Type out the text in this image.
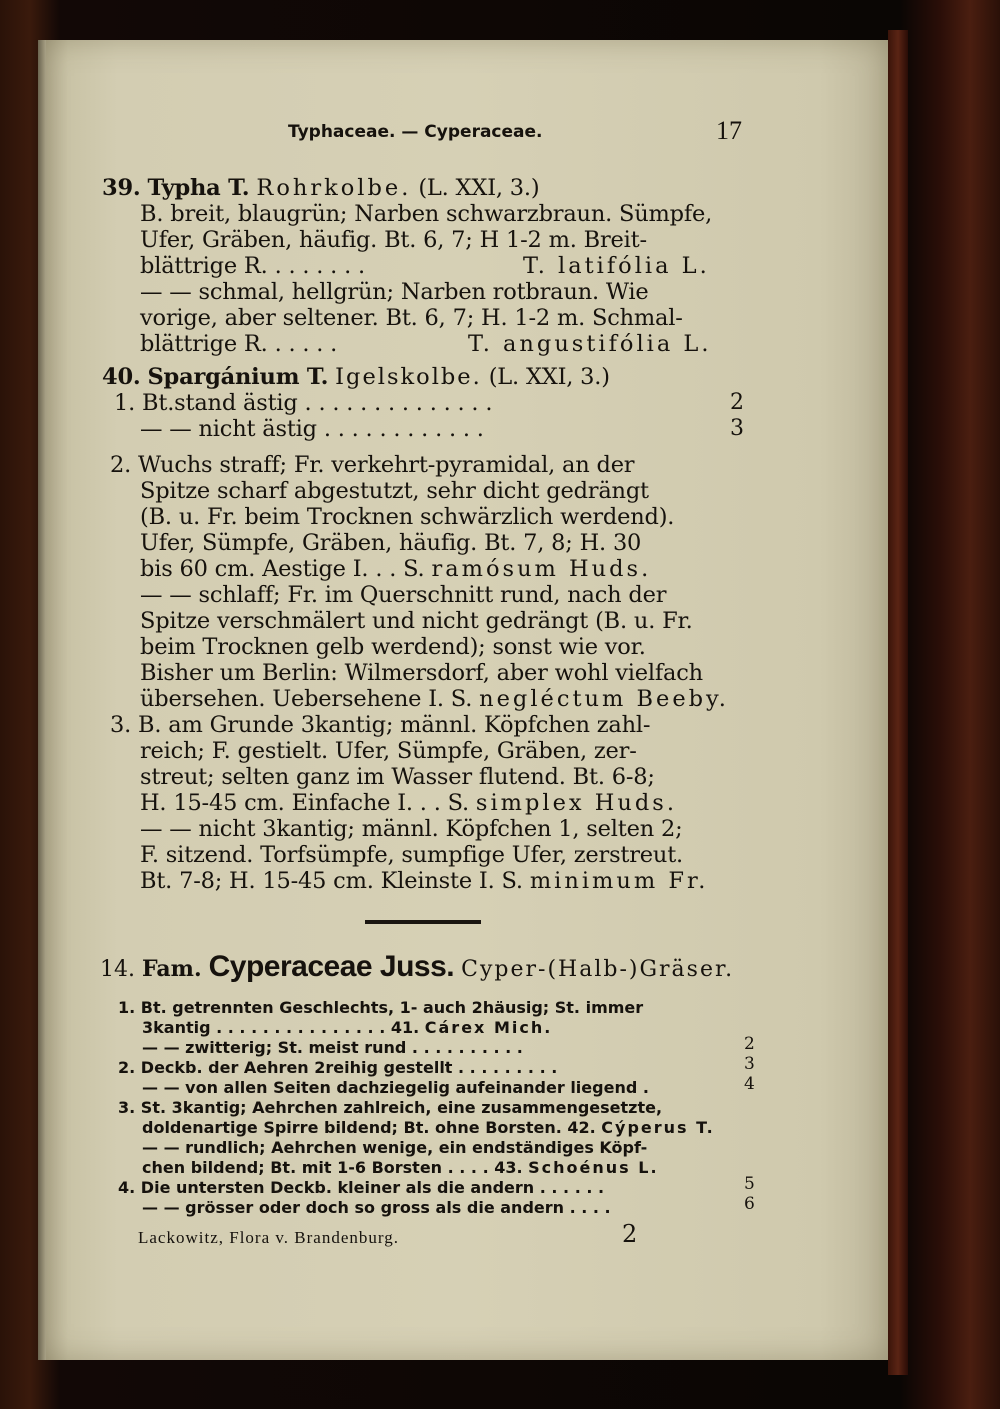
Typhaceae. — Cyperaceae.	17
39. Typha T. Rohrkolbe. (L. XXI, 3.)
B. breit, blaugrün; Narben schwarzbraun. Sümpfe,
Ufer, Gräben, häufig. Bt. 6, 7; H 1-2 m. Breit-
blättrige R. . . . . . . .	T. latifólia L.
— — schmal, hellgrün; Narben rotbraun. Wie
vorige, aber seltener. Bt. 6, 7; H. 1-2 m. Schmal-
blättrige R. . . . . .	T. angustifólia L.
40. Spargánium T. Igelskolbe. (L. XXI, 3.)
1. Bt.stand ästig . . . . . . . . . . . . . .	2
— — nicht ästig . . . . . . . . . . . .	3
2. Wuchs straff; Fr. verkehrt-pyramidal, an der
Spitze scharf abgestutzt, sehr dicht gedrängt
(B. u. Fr. beim Trocknen schwärzlich werdend).
Ufer, Sümpfe, Gräben, häufig. Bt. 7, 8; H. 30
bis 60 cm. Aestige I. . . S. ramósum Huds.
— — schlaff; Fr. im Querschnitt rund, nach der
Spitze verschmälert und nicht gedrängt (B. u. Fr.
beim Trocknen gelb werdend); sonst wie vor.
Bisher um Berlin: Wilmersdorf, aber wohl vielfach
übersehen. Uebersehene I. S. negléctum Beeby.
3. B. am Grunde 3kantig; männl. Köpfchen zahl-
reich; F. gestielt. Ufer, Sümpfe, Gräben, zer-
streut; selten ganz im Wasser flutend. Bt. 6-8;
H. 15-45 cm. Einfache I. . . S. simplex Huds.
— — nicht 3kantig; männl. Köpfchen 1, selten 2;
F. sitzend. Torfsümpfe, sumpfige Ufer, zerstreut.
Bt. 7-8; H. 15-45 cm. Kleinste I. S. minimum Fr.
14. Fam. Cyperaceae Juss. Cyper-(Halb-)Gräser.
1. Bt. getrennten Geschlechts, 1- auch 2häusig; St. immer
3kantig . . . . . . . . . . . . . . . 41. Cárex Mich.
— — zwitterig; St. meist rund . . . . . . . . . .	2
2. Deckb. der Aehren 2reihig gestellt . . . . . . . . .	3
— — von allen Seiten dachziegelig aufeinander liegend .	4
3. St. 3kantig; Aehrchen zahlreich, eine zusammengesetzte,
doldenartige Spirre bildend; Bt. ohne Borsten. 42. Cýperus T.
— — rundlich; Aehrchen wenige, ein endständiges Köpf-
chen bildend; Bt. mit 1-6 Borsten . . . . 43. Schoénus L.
4. Die untersten Deckb. kleiner als die andern . . . . . .	5
— — grösser oder doch so gross als die andern . . . .	6
Lackowitz, Flora v. Brandenburg.	2
